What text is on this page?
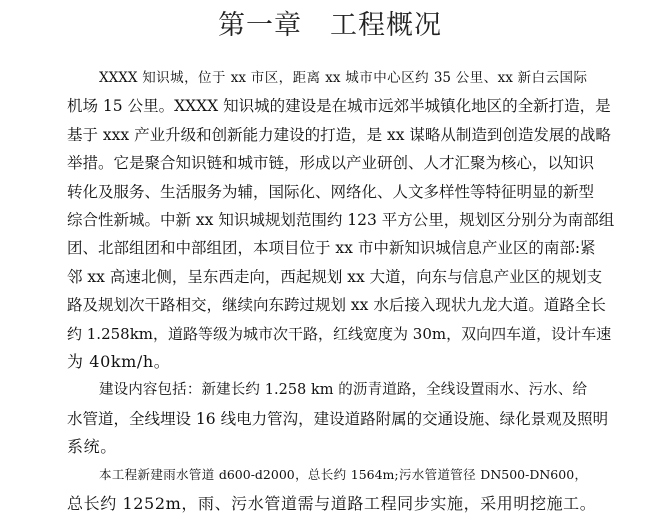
第一章　工程概况
XXXX 知识城，位于 xx 市区，距离 xx 城市中心区约 35 公里、xx 新白云国际
机场 15 公里。XXXX 知识城的建设是在城市远郊半城镇化地区的全新打造，是
基于 xxx 产业升级和创新能力建设的打造，是 xx 谋略从制造到创造发展的战略
举措。它是聚合知识链和城市链，形成以产业研创、人才汇聚为核心，以知识
转化及服务、生活服务为辅，国际化、网络化、人文多样性等特征明显的新型
综合性新城。中新 xx 知识城规划范围约 123 平方公里，规划区分别分为南部组
团、北部组团和中部组团，本项目位于 xx 市中新知识城信息产业区的南部:紧
邻 xx 高速北侧，呈东西走向，西起规划 xx 大道，向东与信息产业区的规划支
路及规划次干路相交，继续向东跨过规划 xx 水后接入现状九龙大道。道路全长
约 1.258km，道路等级为城市次干路，红线宽度为 30m，双向四车道，设计车速
为 40km/h。
建设内容包括：新建长约 1.258 km 的沥青道路，全线设置雨水、污水、给
水管道，全线埋设 16 线电力管沟，建设道路附属的交通设施、绿化景观及照明
系统。
本工程新建雨水管道 d600-d2000，总长约 1564m;污水管道管径 DN500-DN600，
总长约 1252m，雨、污水管道需与道路工程同步实施，采用明挖施工。
